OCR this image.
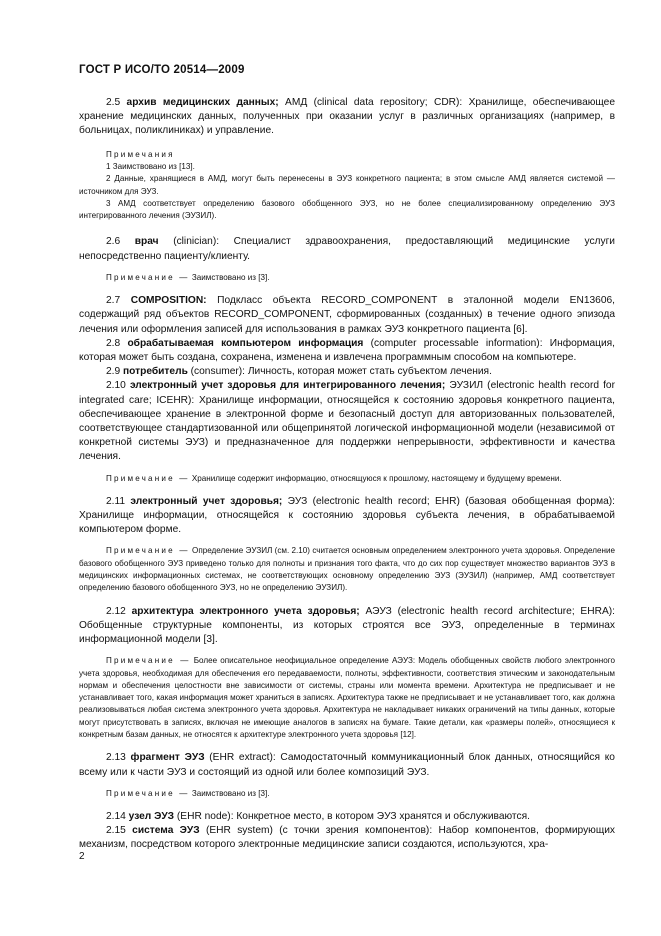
ГОСТ Р ИСО/ТО 20514—2009

2.5 архив медицинских данных; АМД (clinical data repository; CDR): Хранилище, обеспечивающее хранение медицинских данных, полученных при оказании услуг в различных организациях (например, в больницах, поликлиниках) и управление.

Примечания

1 Заимствовано из [13].

2 Данные, хранящиеся в АМД, могут быть перенесены в ЭУЗ конкретного пациента; в этом смысле АМД является системой — источником для ЭУЗ.

3 АМД соответствует определению базового обобщенного ЭУЗ, но не более специализированному определению ЭУЗ интегрированного лечения (ЭУЗИЛ).

2.6 врач (clinician): Специалист здравоохранения, предоставляющий медицинские услуги непосредственно пациенту/клиенту.

Примечание — Заимствовано из [3].

2.7 COMPOSITION: Подкласс объекта RECORD_COMPONENT в эталонной модели EN13606, содержащий ряд объектов RECORD_COMPONENT, сформированных (созданных) в течение одного эпизода лечения или оформления записей для использования в рамках ЭУЗ конкретного пациента [6].

2.8 обрабатываемая компьютером информация (computer processable information): Информация, которая может быть создана, сохранена, изменена и извлечена программным способом на компьютере.

2.9 потребитель (consumer): Личность, которая может стать субъектом лечения.

2.10 электронный учет здоровья для интегрированного лечения; ЭУЗИЛ (electronic health record for integrated care; ICEHR): Хранилище информации, относящейся к состоянию здоровья конкретного пациента, обеспечивающее хранение в электронной форме и безопасный доступ для авторизованных пользователей, соответствующее стандартизованной или общепринятой логической информационной модели (независимой от конкретной системы ЭУЗ) и предназначенное для поддержки непрерывности, эффективности и качества лечения.

Примечание — Хранилище содержит информацию, относящуюся к прошлому, настоящему и будущему времени.

2.11 электронный учет здоровья; ЭУЗ (electronic health record; EHR) (базовая обобщенная форма): Хранилище информации, относящейся к состоянию здоровья субъекта лечения, в обрабатываемой компьютером форме.

Примечание — Определение ЭУЗИЛ (см. 2.10) считается основным определением электронного учета здоровья. Определение базового обобщенного ЭУЗ приведено только для полноты и признания того факта, что до сих пор существует множество вариантов ЭУЗ в медицинских информационных системах, не соответствующих основному определению ЭУЗ (ЭУЗИЛ) (например, АМД соответствует определению базового обобщенного ЭУЗ, но не определению ЭУЗИЛ).

2.12 архитектура электронного учета здоровья; АЭУЗ (electronic health record architecture; EHRA): Обобщенные структурные компоненты, из которых строятся все ЭУЗ, определенные в терминах информационной модели [3].

Примечание — Более описательное неофициальное определение АЭУЗ: Модель обобщенных свойств любого электронного учета здоровья, необходимая для обеспечения его передаваемости, полноты, эффективности, соответствия этическим и законодательным нормам и обеспечения целостности вне зависимости от системы, страны или момента времени. Архитектура не предписывает и не устанавливает того, какая информация может храниться в записях. Архитектура также не предписывает и не устанавливает того, как должна реализовываться любая система электронного учета здоровья. Архитектура не накладывает никаких ограничений на типы данных, которые могут присутствовать в записях, включая не имеющие аналогов в записях на бумаге. Такие детали, как «размеры полей», относящиеся к конкретным базам данных, не относятся к архитектуре электронного учета здоровья [12].

2.13 фрагмент ЭУЗ (EHR extract): Самодостаточный коммуникационный блок данных, относящийся ко всему или к части ЭУЗ и состоящий из одной или более композиций ЭУЗ.

Примечание — Заимствовано из [3].

2.14 узел ЭУЗ (EHR node): Конкретное место, в котором ЭУЗ хранятся и обслуживаются.

2.15 система ЭУЗ (EHR system) (с точки зрения компонентов): Набор компонентов, формирующих механизм, посредством которого электронные медицинские записи создаются, используются, хра-

2
